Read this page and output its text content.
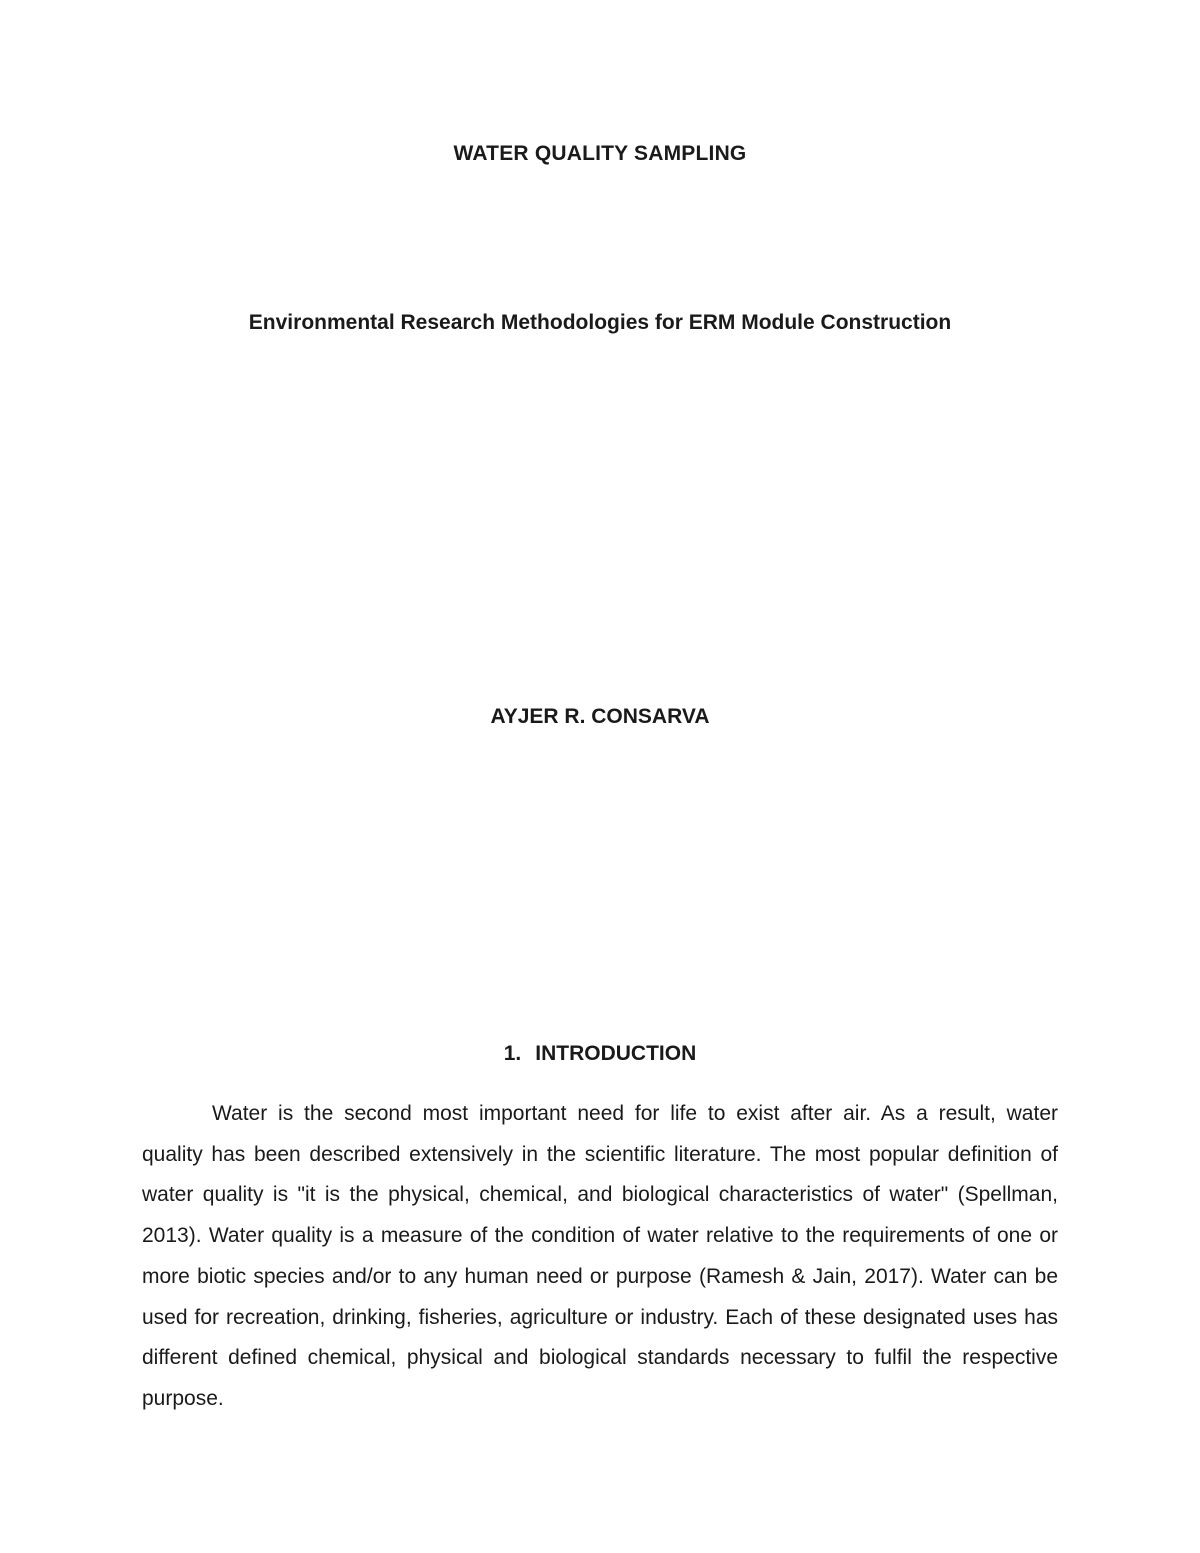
WATER QUALITY SAMPLING
Environmental Research Methodologies for ERM Module Construction
AYJER R. CONSARVA
1. INTRODUCTION

Water is the second most important need for life to exist after air. As a result, water quality has been described extensively in the scientific literature. The most popular definition of water quality is "it is the physical, chemical, and biological characteristics of water" (Spellman, 2013). Water quality is a measure of the condition of water relative to the requirements of one or more biotic species and/or to any human need or purpose (Ramesh & Jain, 2017). Water can be used for recreation, drinking, fisheries, agriculture or industry. Each of these designated uses has different defined chemical, physical and biological standards necessary to fulfil the respective purpose.
